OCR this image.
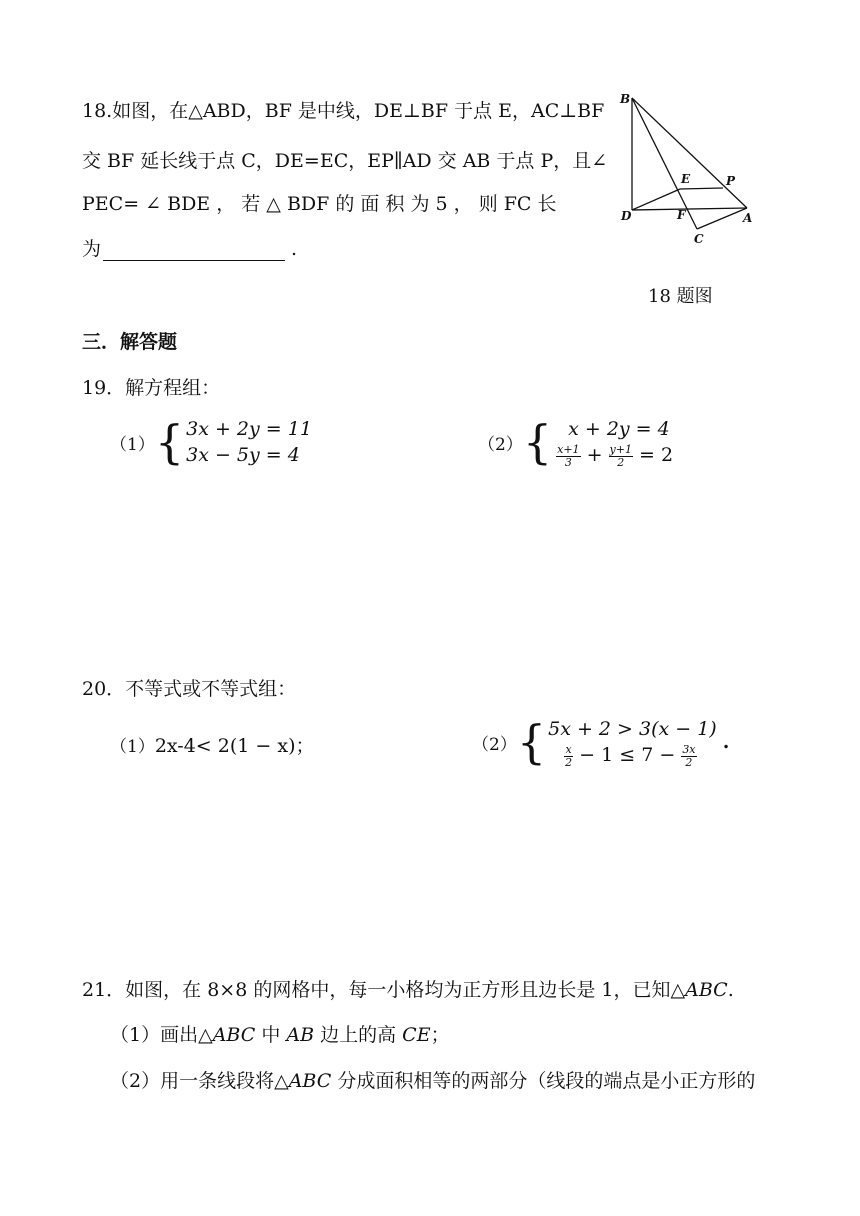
18.如图，在△ABD，BF 是中线，DE⊥BF 于点 E，AC⊥BF
交 BF 延长线于点 C，DE=EC，EP∥AD 交 AB 于点 P，且∠
PEC= ∠ BDE ， 若 △ BDF 的 面 积 为 5 ， 则 FC 长
为	.
B
E	P
D	F	A
C
18 题图
三．解答题
19．解方程组：
（1） { 3x + 2y = 11
3x − 5y = 4	（2） { x + 2y = 4
$\frac{x+1}{3} + \frac{y+1}{2} = 2$
20．不等式或不等式组：
（1）2x-4< 2(1 − x)；	（2） { 5x + 2 > 3(x − 1)
$\frac{x}{2} - 1 \le 7 - \frac{3x}{2}$
.
21．如图，在 8×8 的网格中，每一小格均为正方形且边长是 1，已知△ABC.
（1）画出△ABC 中 AB 边上的高 CE；
（2）用一条线段将△ABC 分成面积相等的两部分（线段的端点是小正方形的
